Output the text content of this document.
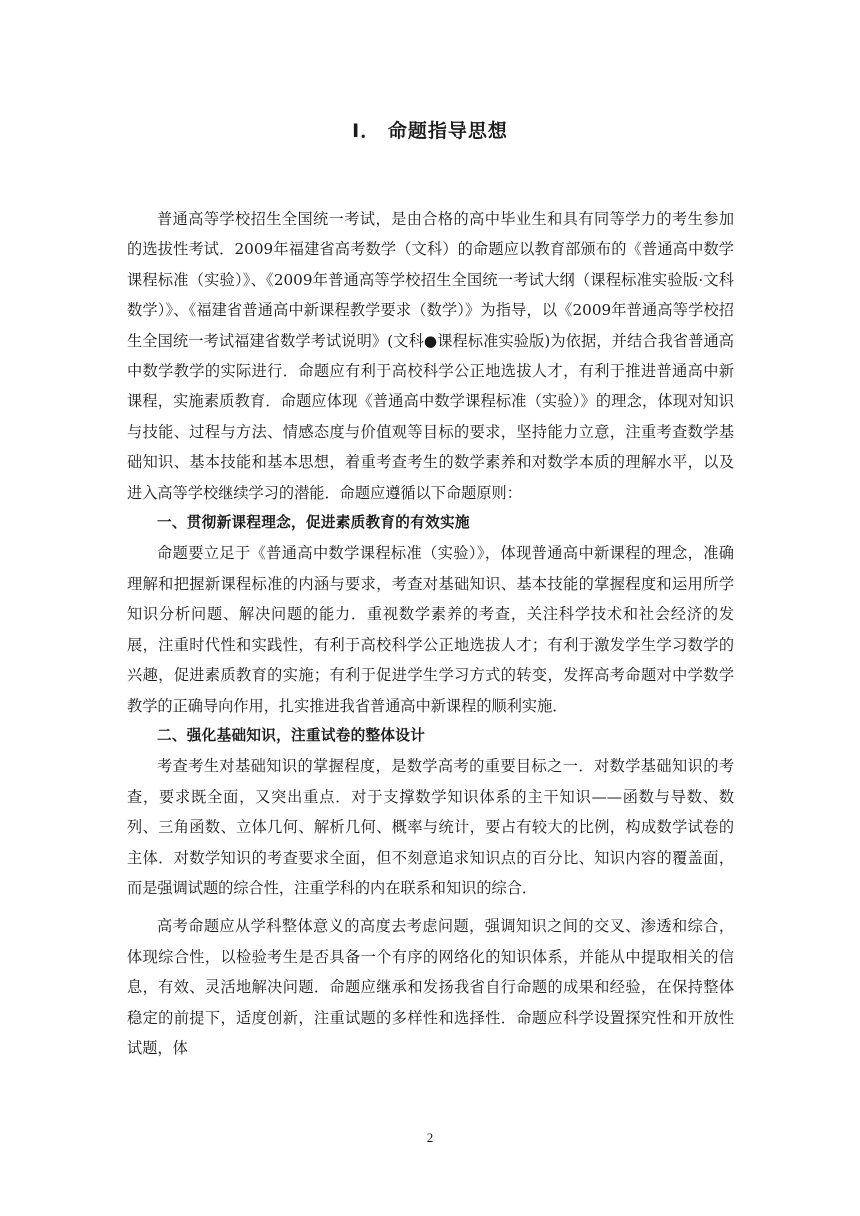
Ⅰ． 命题指导思想

普通高等学校招生全国统一考试，是由合格的高中毕业生和具有同等学力的考生参加的选拔性考试．2009年福建省高考数学（文科）的命题应以教育部颁布的《普通高中数学课程标准（实验）》、《2009年普通高等学校招生全国统一考试大纲（课程标准实验版·文科数学）》、《福建省普通高中新课程教学要求（数学）》为指导，以《2009年普通高等学校招生全国统一考试福建省数学考试说明》(文科●课程标准实验版)为依据，并结合我省普通高中数学教学的实际进行．命题应有利于高校科学公正地选拔人才，有利于推进普通高中新课程，实施素质教育．命题应体现《普通高中数学课程标准（实验）》的理念，体现对知识与技能、过程与方法、情感态度与价值观等目标的要求，坚持能力立意，注重考查数学基础知识、基本技能和基本思想，着重考查考生的数学素养和对数学本质的理解水平，以及进入高等学校继续学习的潜能．命题应遵循以下命题原则：

一、贯彻新课程理念，促进素质教育的有效实施

命题要立足于《普通高中数学课程标准（实验）》，体现普通高中新课程的理念，准确理解和把握新课程标准的内涵与要求，考查对基础知识、基本技能的掌握程度和运用所学知识分析问题、解决问题的能力．重视数学素养的考查，关注科学技术和社会经济的发展，注重时代性和实践性，有利于高校科学公正地选拔人才；有利于激发学生学习数学的兴趣，促进素质教育的实施；有利于促进学生学习方式的转变，发挥高考命题对中学数学教学的正确导向作用，扎实推进我省普通高中新课程的顺利实施．

二、强化基础知识，注重试卷的整体设计

考查考生对基础知识的掌握程度，是数学高考的重要目标之一．对数学基础知识的考查，要求既全面，又突出重点．对于支撑数学知识体系的主干知识——函数与导数、数列、三角函数、立体几何、解析几何、概率与统计，要占有较大的比例，构成数学试卷的主体．对数学知识的考查要求全面，但不刻意追求知识点的百分比、知识内容的覆盖面，而是强调试题的综合性，注重学科的内在联系和知识的综合．

高考命题应从学科整体意义的高度去考虑问题，强调知识之间的交叉、渗透和综合，体现综合性，以检验考生是否具备一个有序的网络化的知识体系，并能从中提取相关的信息，有效、灵活地解决问题．命题应继承和发扬我省自行命题的成果和经验，在保持整体稳定的前提下，适度创新，注重试题的多样性和选择性．命题应科学设置探究性和开放性试题，体

2
